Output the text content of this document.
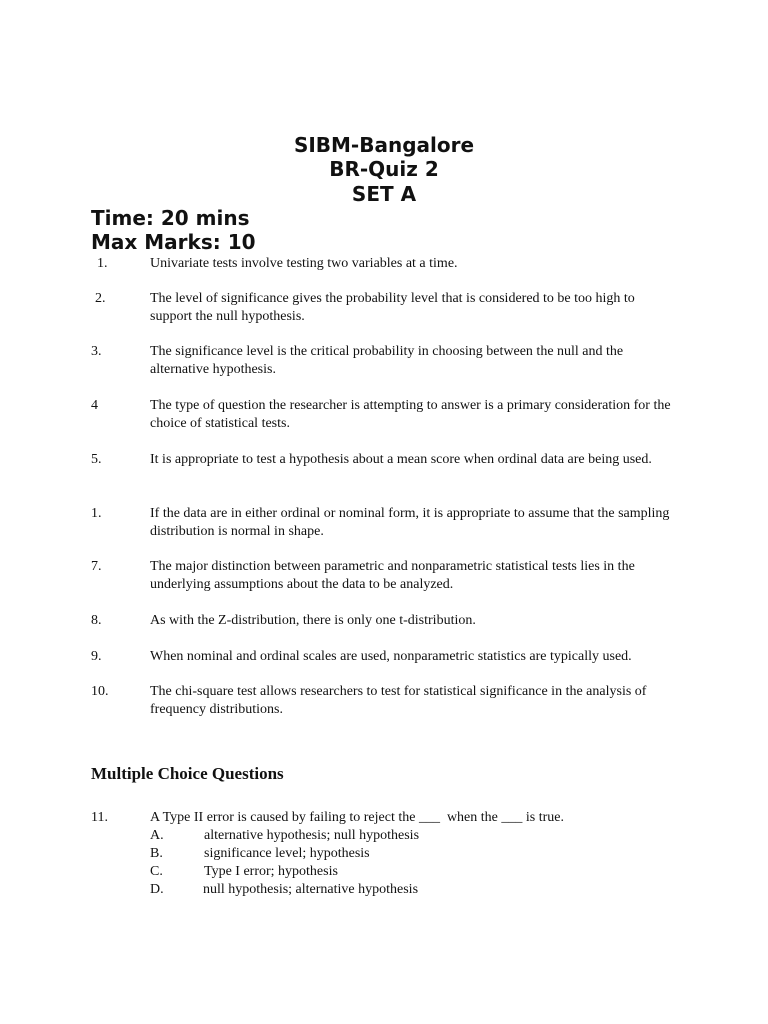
SIBM-Bangalore
BR-Quiz 2
SET A
Time: 20 mins
Max Marks: 10
1.	Univariate tests involve testing two variables at a time.
2.	The level of significance gives the probability level that is considered to be too high to support the null hypothesis.
3.	The significance level is the critical probability in choosing between the null and the alternative hypothesis.
4	The type of question the researcher is attempting to answer is a primary consideration for the choice of statistical tests.
5.	It is appropriate to test a hypothesis about a mean score when ordinal data are being used.
1.	If the data are in either ordinal or nominal form, it is appropriate to assume that the sampling distribution is normal in shape.
7.	The major distinction between parametric and nonparametric statistical tests lies in the underlying assumptions about the data to be analyzed.
8.	As with the Z-distribution, there is only one t-distribution.
9.	When nominal and ordinal scales are used, nonparametric statistics are typically used.
10.	The chi-square test allows researchers to test for statistical significance in the analysis of frequency distributions.
Multiple Choice Questions
11.	A Type II error is caused by failing to reject the ___  when the ___ is true.
A.	alternative hypothesis; null hypothesis
B.	significance level; hypothesis
C.	Type I error; hypothesis
D.	null hypothesis; alternative hypothesis
